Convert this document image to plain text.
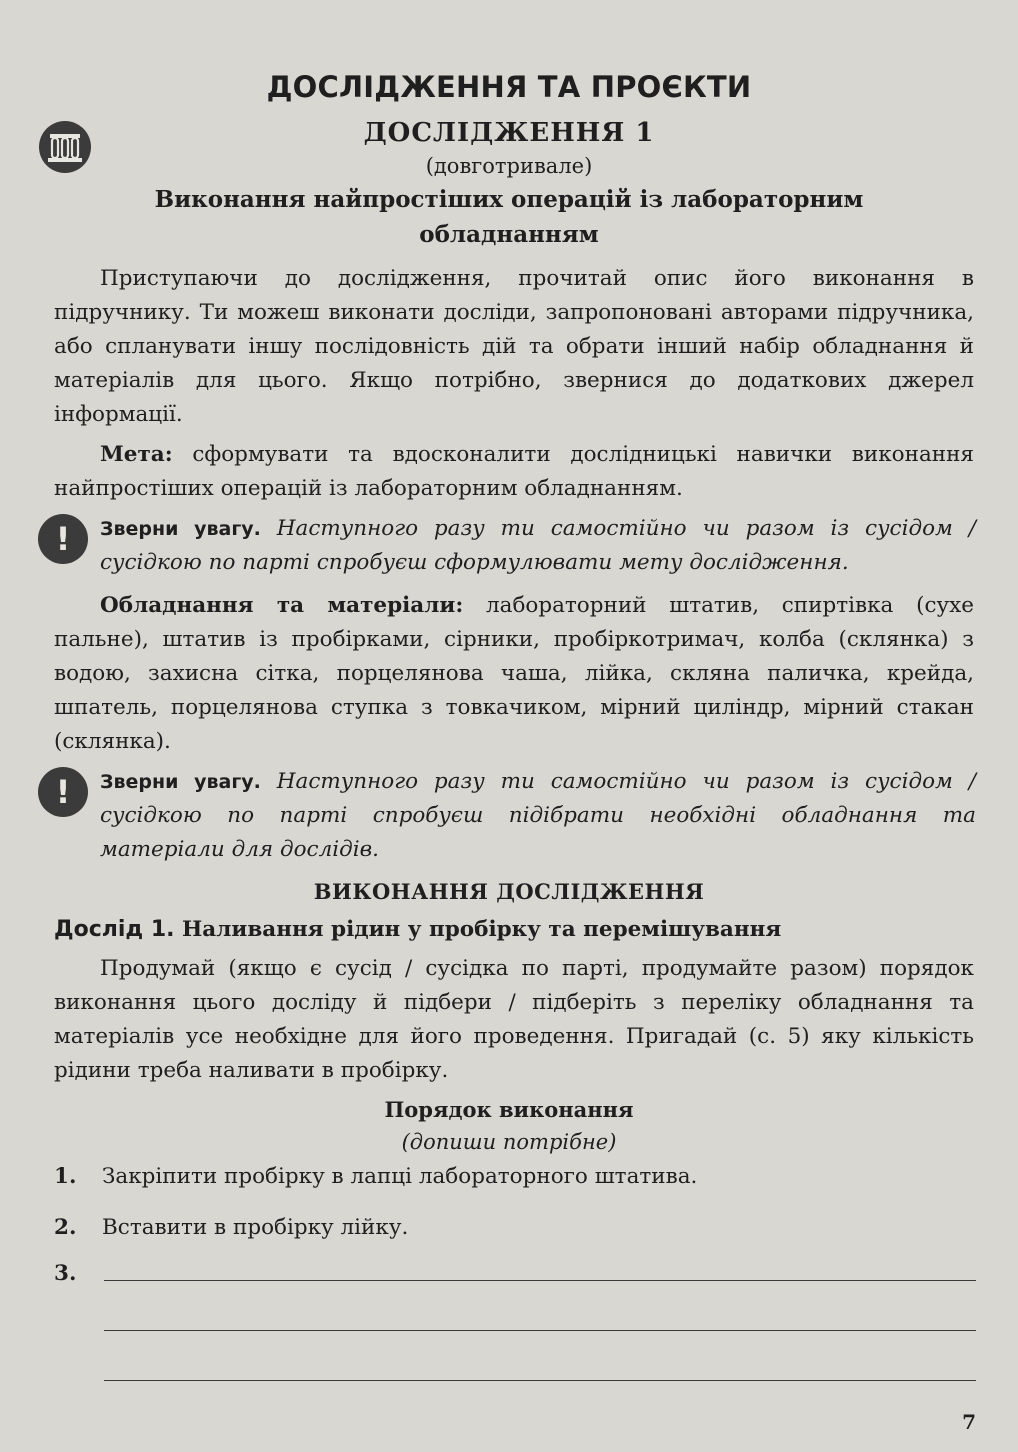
ДОСЛІДЖЕННЯ ТА ПРОЄКТИ
ДОСЛІДЖЕННЯ 1
(довготривале)
Виконання найпростіших операцій із лабораторним
обладнанням
Приступаючи до дослідження, прочитай опис його виконання в підручнику. Ти можеш виконати досліди, запропоновані авторами підручника, або спланувати іншу послідовність дій та обрати інший набір обладнання й матеріалів для цього. Якщо потрібно, звернися до додаткових джерел інформації.
Мета: сформувати та вдосконалити дослідницькі навички виконання найпростіших операцій із лабораторним обладнанням.
!	Зверни увагу. Наступного разу ти самостійно чи разом із сусідом / сусідкою по парті спробуєш сформулювати мету дослідження.
Обладнання та матеріали: лабораторний штатив, спиртівка (сухе пальне), штатив із пробірками, сірники, пробіркотримач, колба (склянка) з водою, захисна сітка, порцелянова чаша, лійка, скляна паличка, крейда, шпатель, порцелянова ступка з товкачиком, мірний циліндр, мірний стакан (склянка).
!	Зверни увагу. Наступного разу ти самостійно чи разом із сусідом / сусідкою по парті спробуєш підібрати необхідні обладнання та матеріали для дослідів.
ВИКОНАННЯ ДОСЛІДЖЕННЯ
Дослід 1. Наливання рідин у пробірку та перемішування
Продумай (якщо є сусід / сусідка по парті, продумайте разом) порядок виконання цього досліду й підбери / підберіть з переліку обладнання та матеріалів усе необхідне для його проведення. Пригадай (с. 5) яку кількість рідини треба наливати в пробірку.
Порядок виконання
(допиши потрібне)
1. Закріпити пробірку в лапці лабораторного штатива.
2. Вставити в пробірку лійку.
3.
7
